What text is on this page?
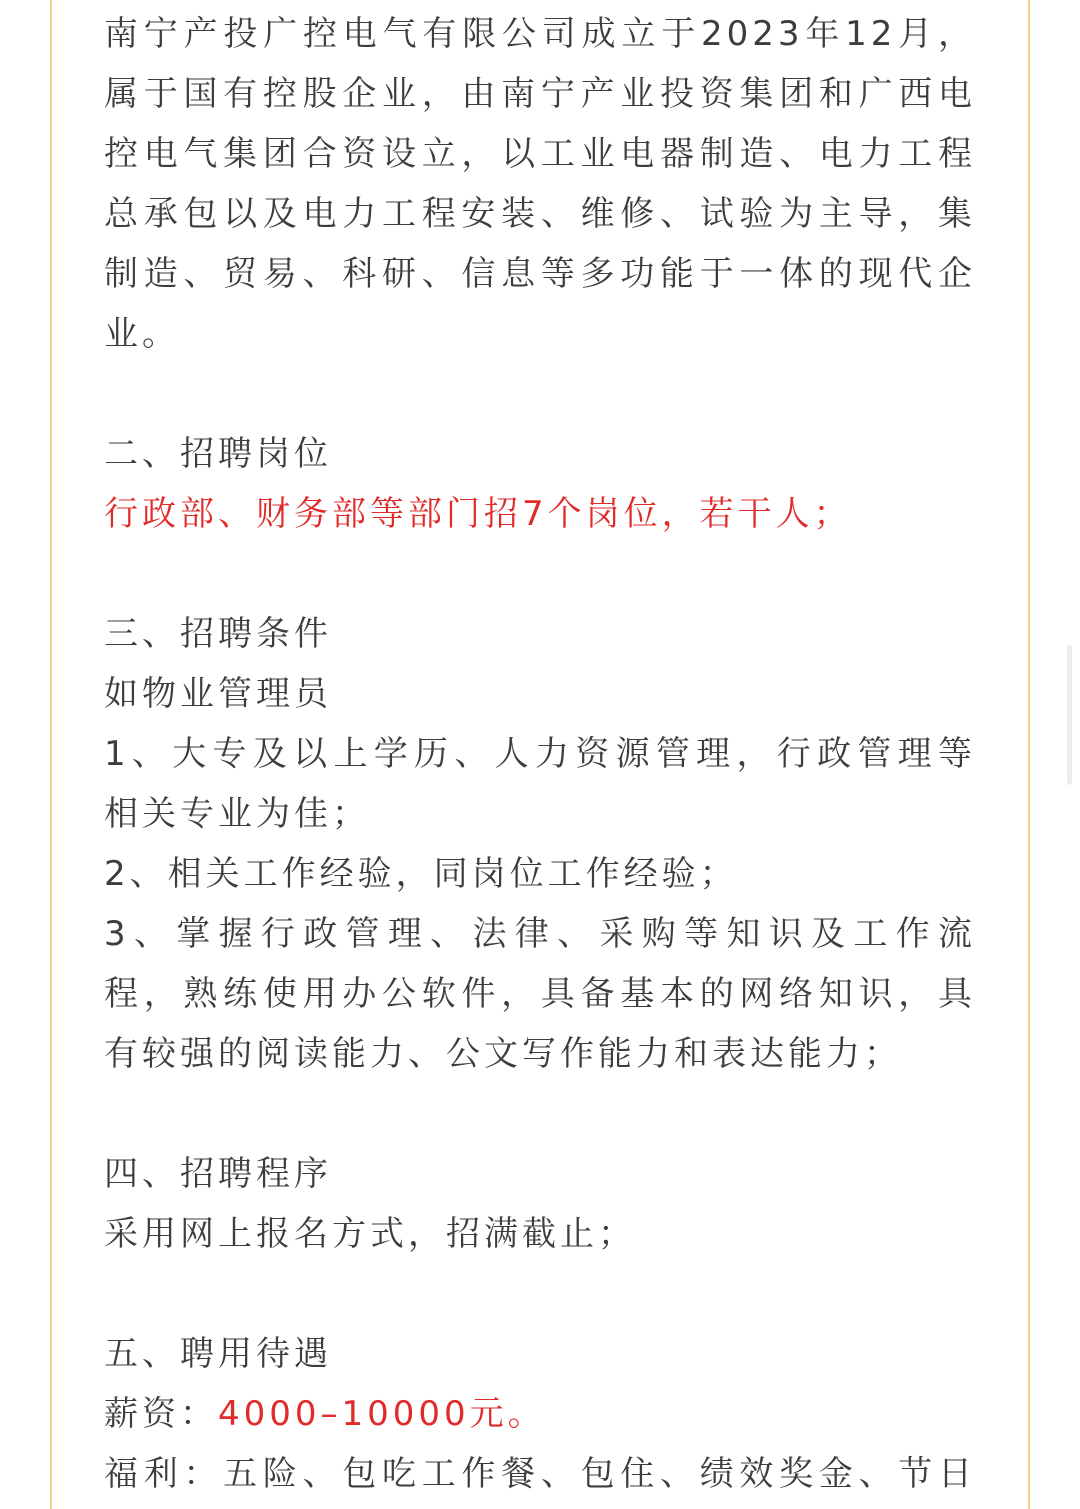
南宁产投广控电气有限公司成立于2023年12月，
属于国有控股企业，由南宁产业投资集团和广西电
控电气集团合资设立，以工业电器制造、电力工程
总承包以及电力工程安装、维修、试验为主导，集
制造、贸易、科研、信息等多功能于一体的现代企
业。
二、招聘岗位
行政部、财务部等部门招7个岗位，若干人；
三、招聘条件
如物业管理员
1、大专及以上学历、人力资源管理，行政管理等
相关专业为佳；
2、相关工作经验，同岗位工作经验；
3、掌握行政管理、法律、采购等知识及工作流
程，熟练使用办公软件，具备基本的网络知识，具
有较强的阅读能力、公文写作能力和表达能力；
四、招聘程序
采用网上报名方式，招满截止；
五、聘用待遇
薪资：4000–10000元。
福利：五险、包吃工作餐、包住、绩效奖金、节日
